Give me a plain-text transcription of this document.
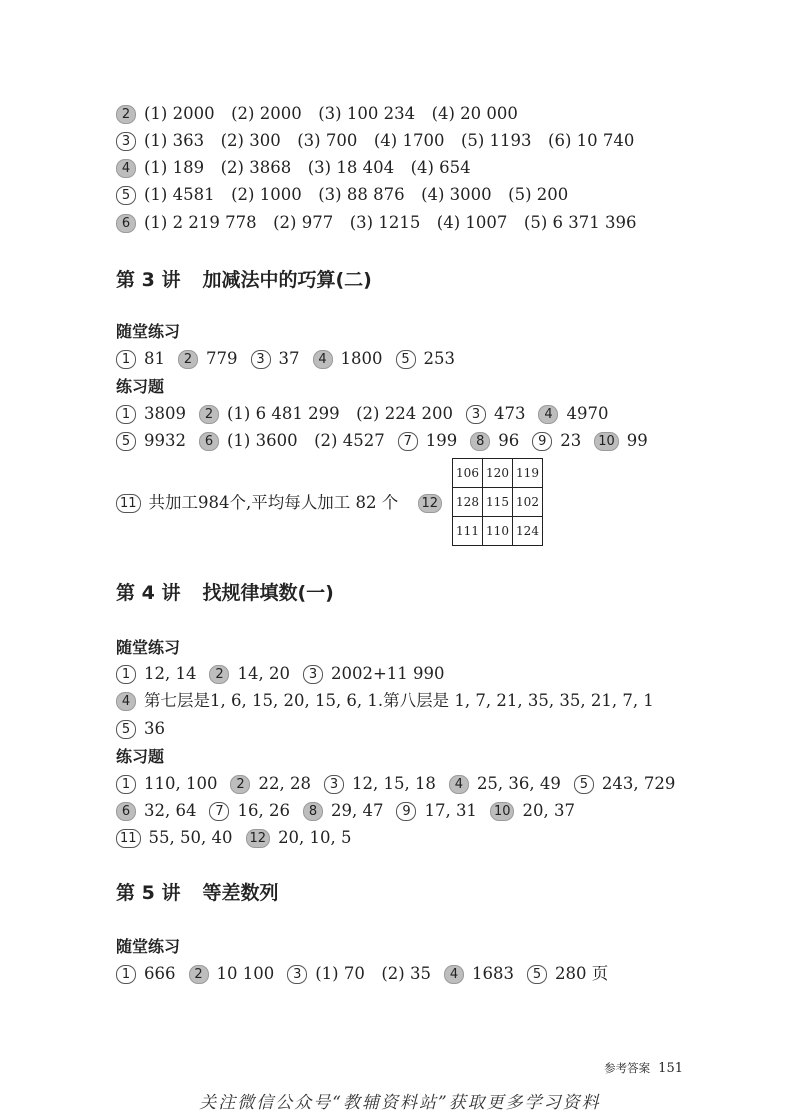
2 (1) 2000　(2) 2000　(3) 100 234　(4) 20 000
3 (1) 363　(2) 300　(3) 700　(4) 1700　(5) 1193　(6) 10 740
4 (1) 189　(2) 3868　(3) 18 404　(4) 654
5 (1) 4581　(2) 1000　(3) 88 876　(4) 3000　(5) 200
6 (1) 2 219 778　(2) 977　(3) 1215　(4) 1007　(5) 6 371 396
第 3 讲 加减法中的巧算(二)
随堂练习
1 81 2 779 3 37 4 1800 5 253
练习题
1 3809 2 (1) 6 481 299　(2) 224 200 3 473 4 4970
5 9932 6 (1) 3600　(2) 4527 7 199 8 96 9 23 10 99
11 共加工984个,平均每人加工 82 个 12
106	120	119
128	115	102
111	110	124
第 4 讲 找规律填数(一)
随堂练习
1 12, 14 2 14, 20 3 2002+11 990
4 第七层是1, 6, 15, 20, 15, 6, 1.第八层是 1, 7, 21, 35, 35, 21, 7, 1
5 36
练习题
1 110, 100 2 22, 28 3 12, 15, 18 4 25, 36, 49 5 243, 729
6 32, 64 7 16, 26 8 29, 47 9 17, 31 10 20, 37
11 55, 50, 40 12 20, 10, 5
第 5 讲 等差数列
随堂练习
1 666 2 10 100 3 (1) 70　(2) 35 4 1683 5 280 页
参考答案 151
关注微信公众号“教辅资料站”获取更多学习资料
